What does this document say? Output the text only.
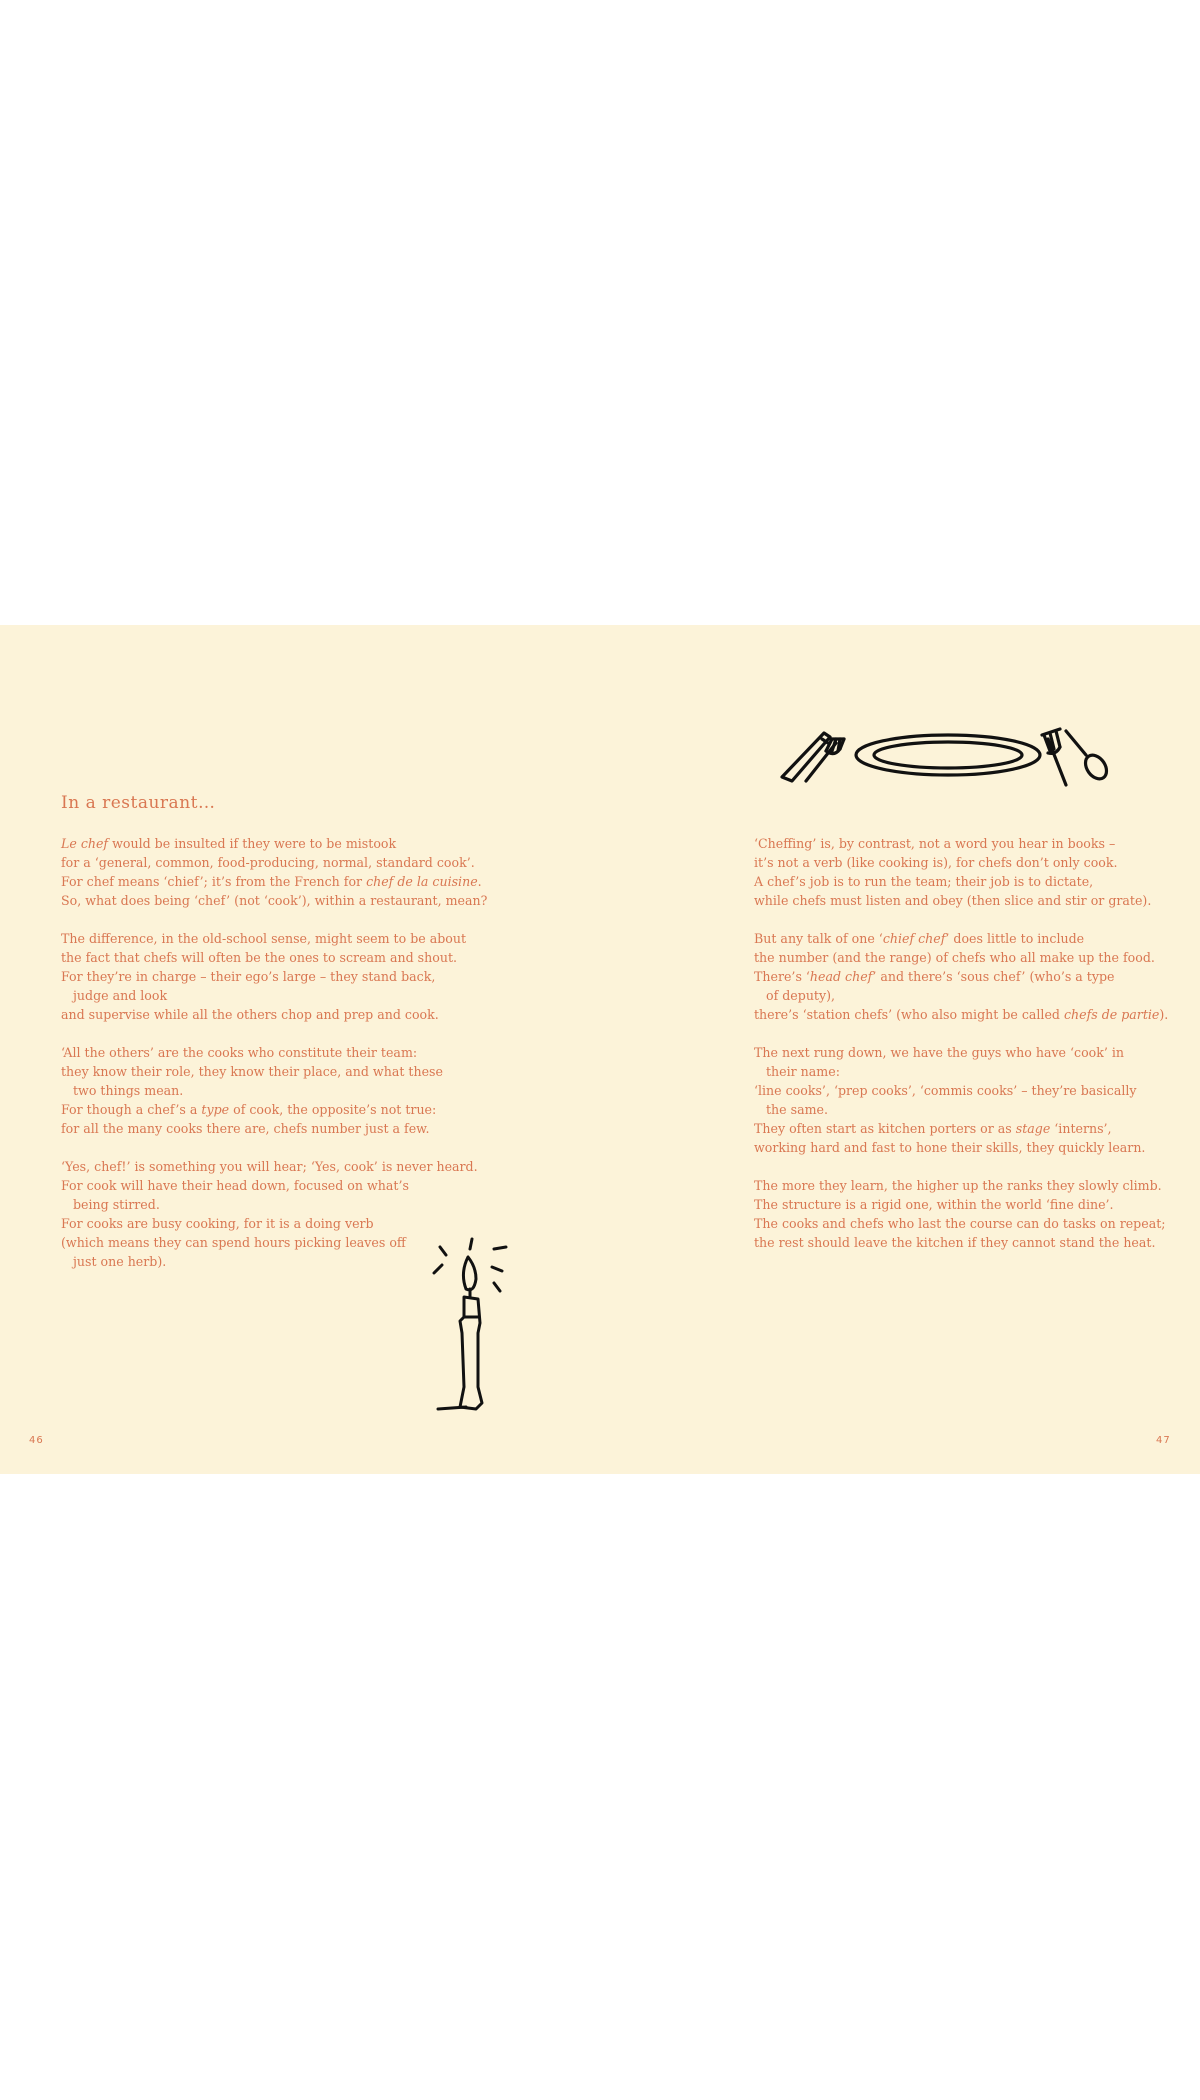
In a restaurant…
Le chef would be insulted if they were to be mistook
for a ‘general, common, food-producing, normal, standard cook’.
For chef means ‘chief’; it’s from the French for chef de la cuisine.
So, what does being ‘chef’ (not ‘cook’), within a restaurant, mean?
The difference, in the old-school sense, might seem to be about
the fact that chefs will often be the ones to scream and shout.
For they’re in charge – their ego’s large – they stand back,
judge and look
and supervise while all the others chop and prep and cook.
‘All the others’ are the cooks who constitute their team:
they know their role, they know their place, and what these
two things mean.
For though a chef’s a type of cook, the opposite’s not true:
for all the many cooks there are, chefs number just a few.
‘Yes, chef!’ is something you will hear; ‘Yes, cook’ is never heard.
For cook will have their head down, focused on what’s
being stirred.
For cooks are busy cooking, for it is a doing verb
(which means they can spend hours picking leaves off
just one herb).
‘Cheffing’ is, by contrast, not a word you hear in books –
it’s not a verb (like cooking is), for chefs don’t only cook.
A chef’s job is to run the team; their job is to dictate,
while chefs must listen and obey (then slice and stir or grate).
But any talk of one ‘chief chef’ does little to include
the number (and the range) of chefs who all make up the food.
There’s ‘head chef’ and there’s ‘sous chef’ (who’s a type
of deputy),
there’s ‘station chefs’ (who also might be called chefs de partie).
The next rung down, we have the guys who have ‘cook’ in
their name:
‘line cooks’, ‘prep cooks’, ‘commis cooks’ – they’re basically
the same.
They often start as kitchen porters or as stage ‘interns’,
working hard and fast to hone their skills, they quickly learn.
The more they learn, the higher up the ranks they slowly climb.
The structure is a rigid one, within the world ‘fine dine’.
The cooks and chefs who last the course can do tasks on repeat;
the rest should leave the kitchen if they cannot stand the heat.
46	47
